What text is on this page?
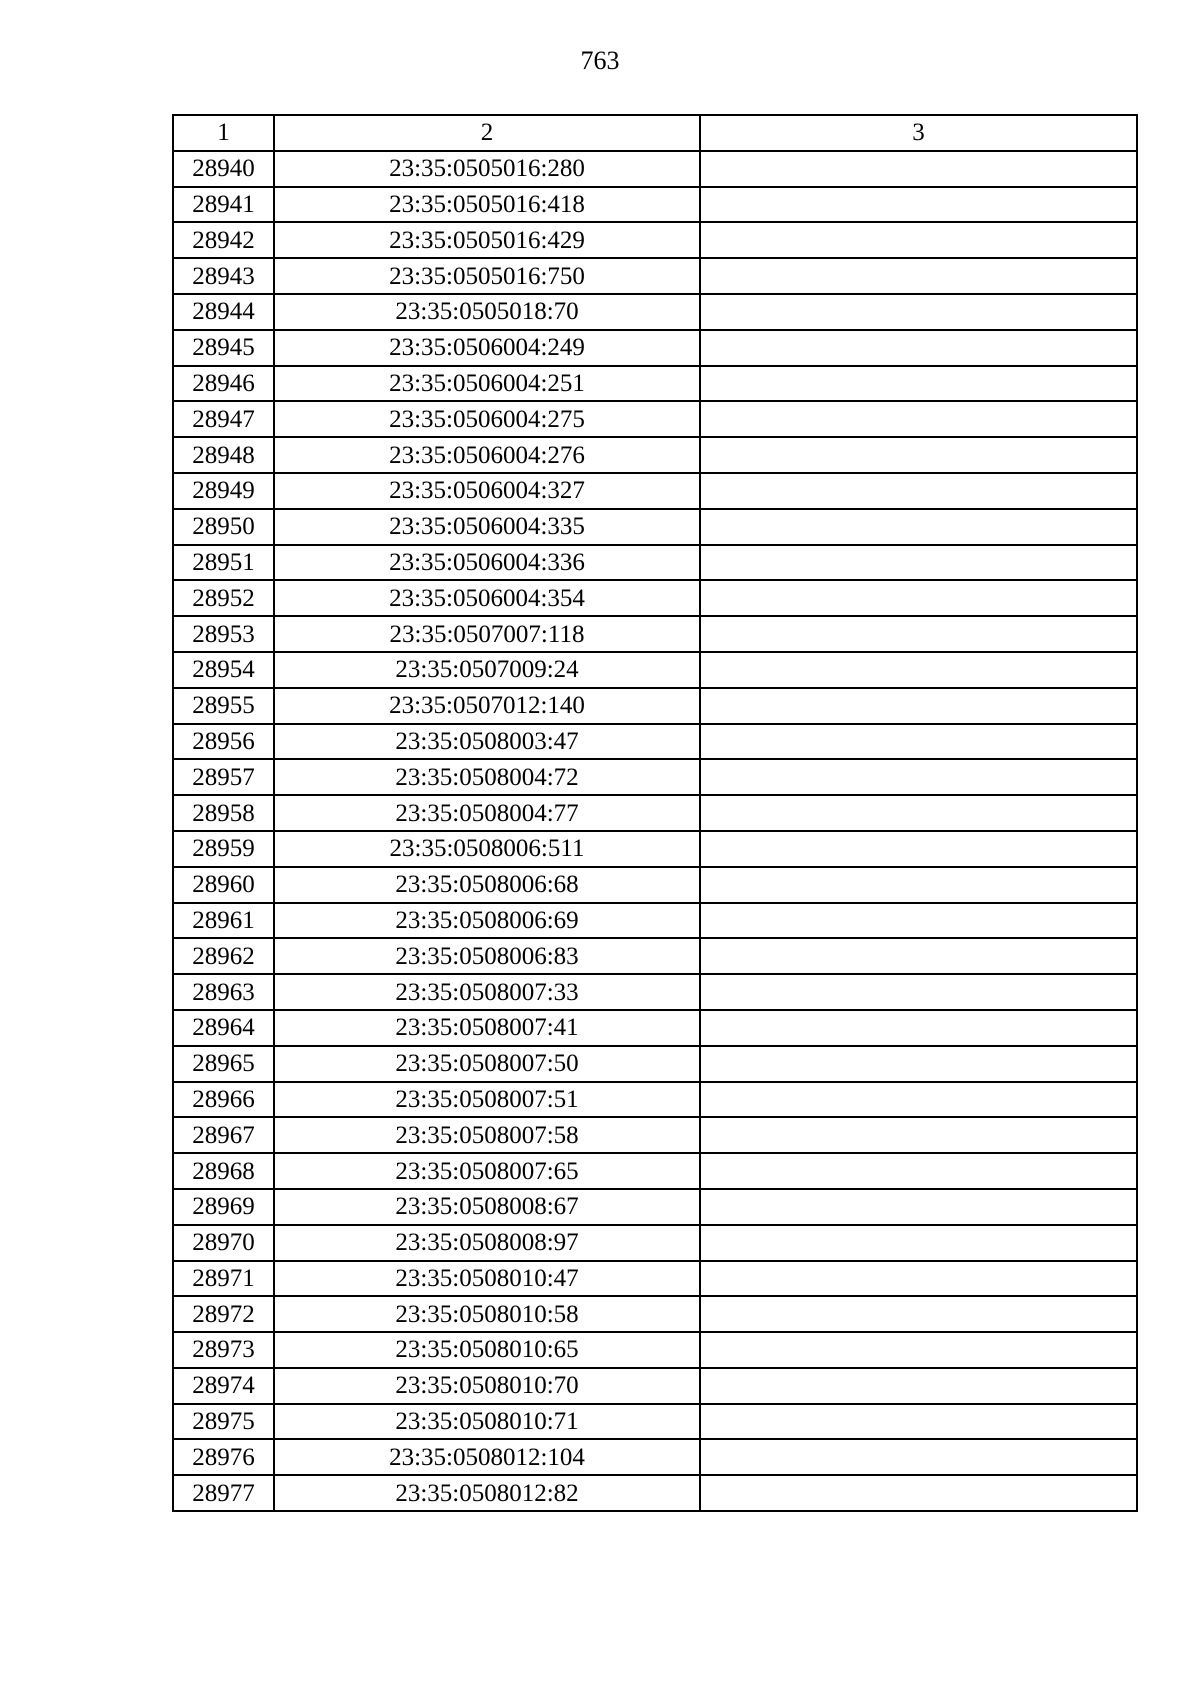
763
1	2	3
28940	23:35:0505016:280	
28941	23:35:0505016:418	
28942	23:35:0505016:429	
28943	23:35:0505016:750	
28944	23:35:0505018:70	
28945	23:35:0506004:249	
28946	23:35:0506004:251	
28947	23:35:0506004:275	
28948	23:35:0506004:276	
28949	23:35:0506004:327	
28950	23:35:0506004:335	
28951	23:35:0506004:336	
28952	23:35:0506004:354	
28953	23:35:0507007:118	
28954	23:35:0507009:24	
28955	23:35:0507012:140	
28956	23:35:0508003:47	
28957	23:35:0508004:72	
28958	23:35:0508004:77	
28959	23:35:0508006:511	
28960	23:35:0508006:68	
28961	23:35:0508006:69	
28962	23:35:0508006:83	
28963	23:35:0508007:33	
28964	23:35:0508007:41	
28965	23:35:0508007:50	
28966	23:35:0508007:51	
28967	23:35:0508007:58	
28968	23:35:0508007:65	
28969	23:35:0508008:67	
28970	23:35:0508008:97	
28971	23:35:0508010:47	
28972	23:35:0508010:58	
28973	23:35:0508010:65	
28974	23:35:0508010:70	
28975	23:35:0508010:71	
28976	23:35:0508012:104	
28977	23:35:0508012:82	
